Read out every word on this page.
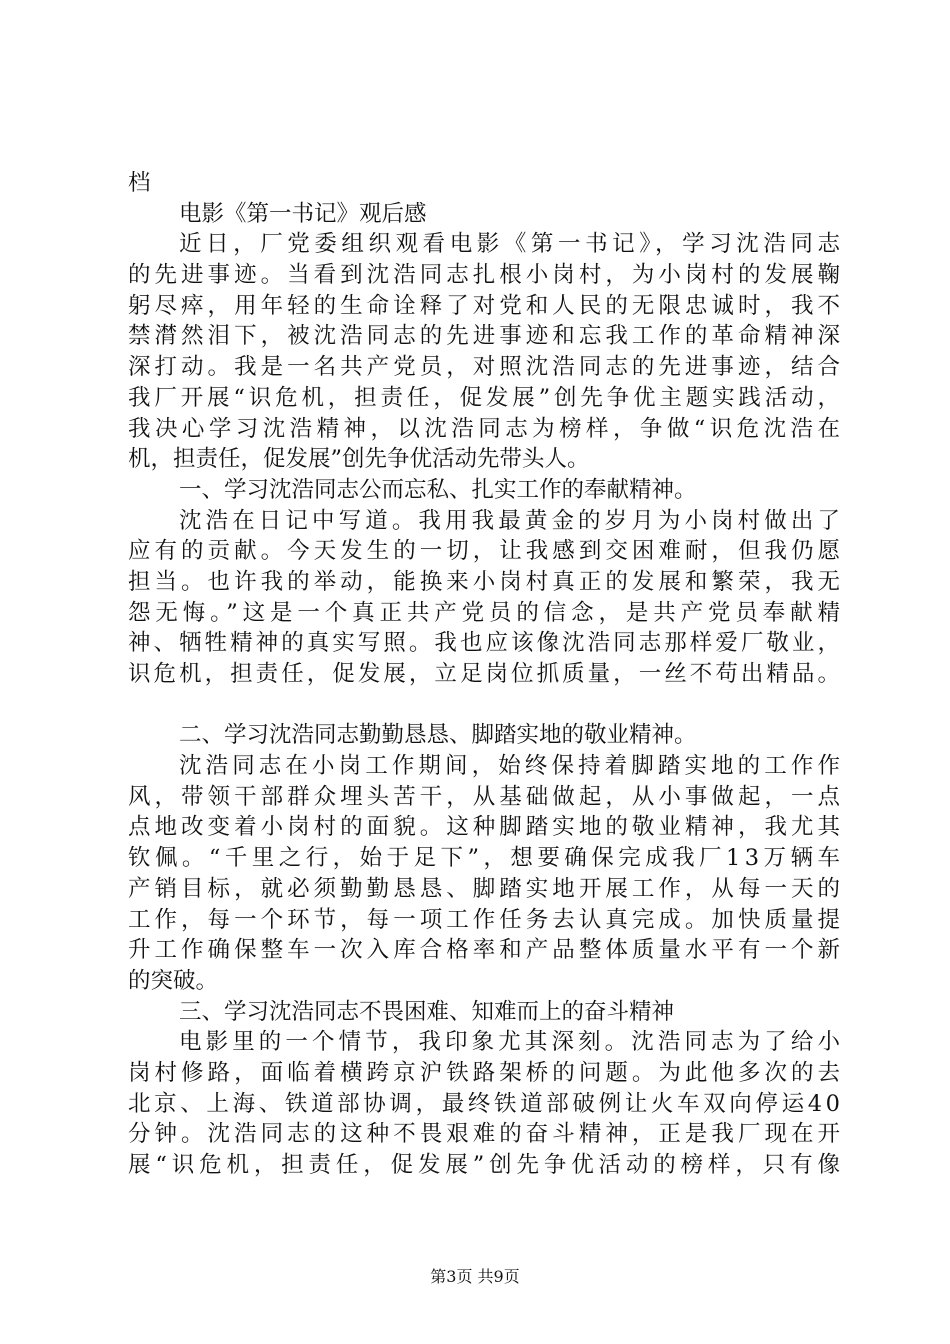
档
电影《第一书记》观后感
近日，厂党委组织观看电影《第一书记》，学习沈浩同志
的先进事迹。当看到沈浩同志扎根小岗村，为小岗村的发展鞠
躬尽瘁，用年轻的生命诠释了对党和人民的无限忠诚时，我不
禁潸然泪下，被沈浩同志的先进事迹和忘我工作的革命精神深
深打动。我是一名共产党员，对照沈浩同志的先进事迹，结合
我厂开展“识危机，担责任，促发展”创先争优主题实践活动，
我决心学习沈浩精神，以沈浩同志为榜样，争做“识危沈浩在
机，担责任，促发展”创先争优活动先带头人。
一、学习沈浩同志公而忘私、扎实工作的奉献精神。
沈浩在日记中写道。我用我最黄金的岁月为小岗村做出了
应有的贡献。今天发生的一切，让我感到交困难耐，但我仍愿
担当。也许我的举动，能换来小岗村真正的发展和繁荣，我无
怨无悔。”这是一个真正共产党员的信念，是共产党员奉献精
神、牺牲精神的真实写照。我也应该像沈浩同志那样爱厂敬业，
识危机，担责任，促发展，立足岗位抓质量，一丝不苟出精品。
二、学习沈浩同志勤勤恳恳、脚踏实地的敬业精神。
沈浩同志在小岗工作期间，始终保持着脚踏实地的工作作
风，带领干部群众埋头苦干，从基础做起，从小事做起，一点
点地改变着小岗村的面貌。这种脚踏实地的敬业精神，我尤其
钦佩。“千里之行，始于足下”，想要确保完成我厂13万辆车
产销目标，就必须勤勤恳恳、脚踏实地开展工作，从每一天的
工作，每一个环节，每一项工作任务去认真完成。加快质量提
升工作确保整车一次入库合格率和产品整体质量水平有一个新
的突破。
三、学习沈浩同志不畏困难、知难而上的奋斗精神
电影里的一个情节，我印象尤其深刻。沈浩同志为了给小
岗村修路，面临着横跨京沪铁路架桥的问题。为此他多次的去
北京、上海、铁道部协调，最终铁道部破例让火车双向停运40
分钟。沈浩同志的这种不畏艰难的奋斗精神，正是我厂现在开
展“识危机，担责任，促发展”创先争优活动的榜样，只有像
第3页 共9页
